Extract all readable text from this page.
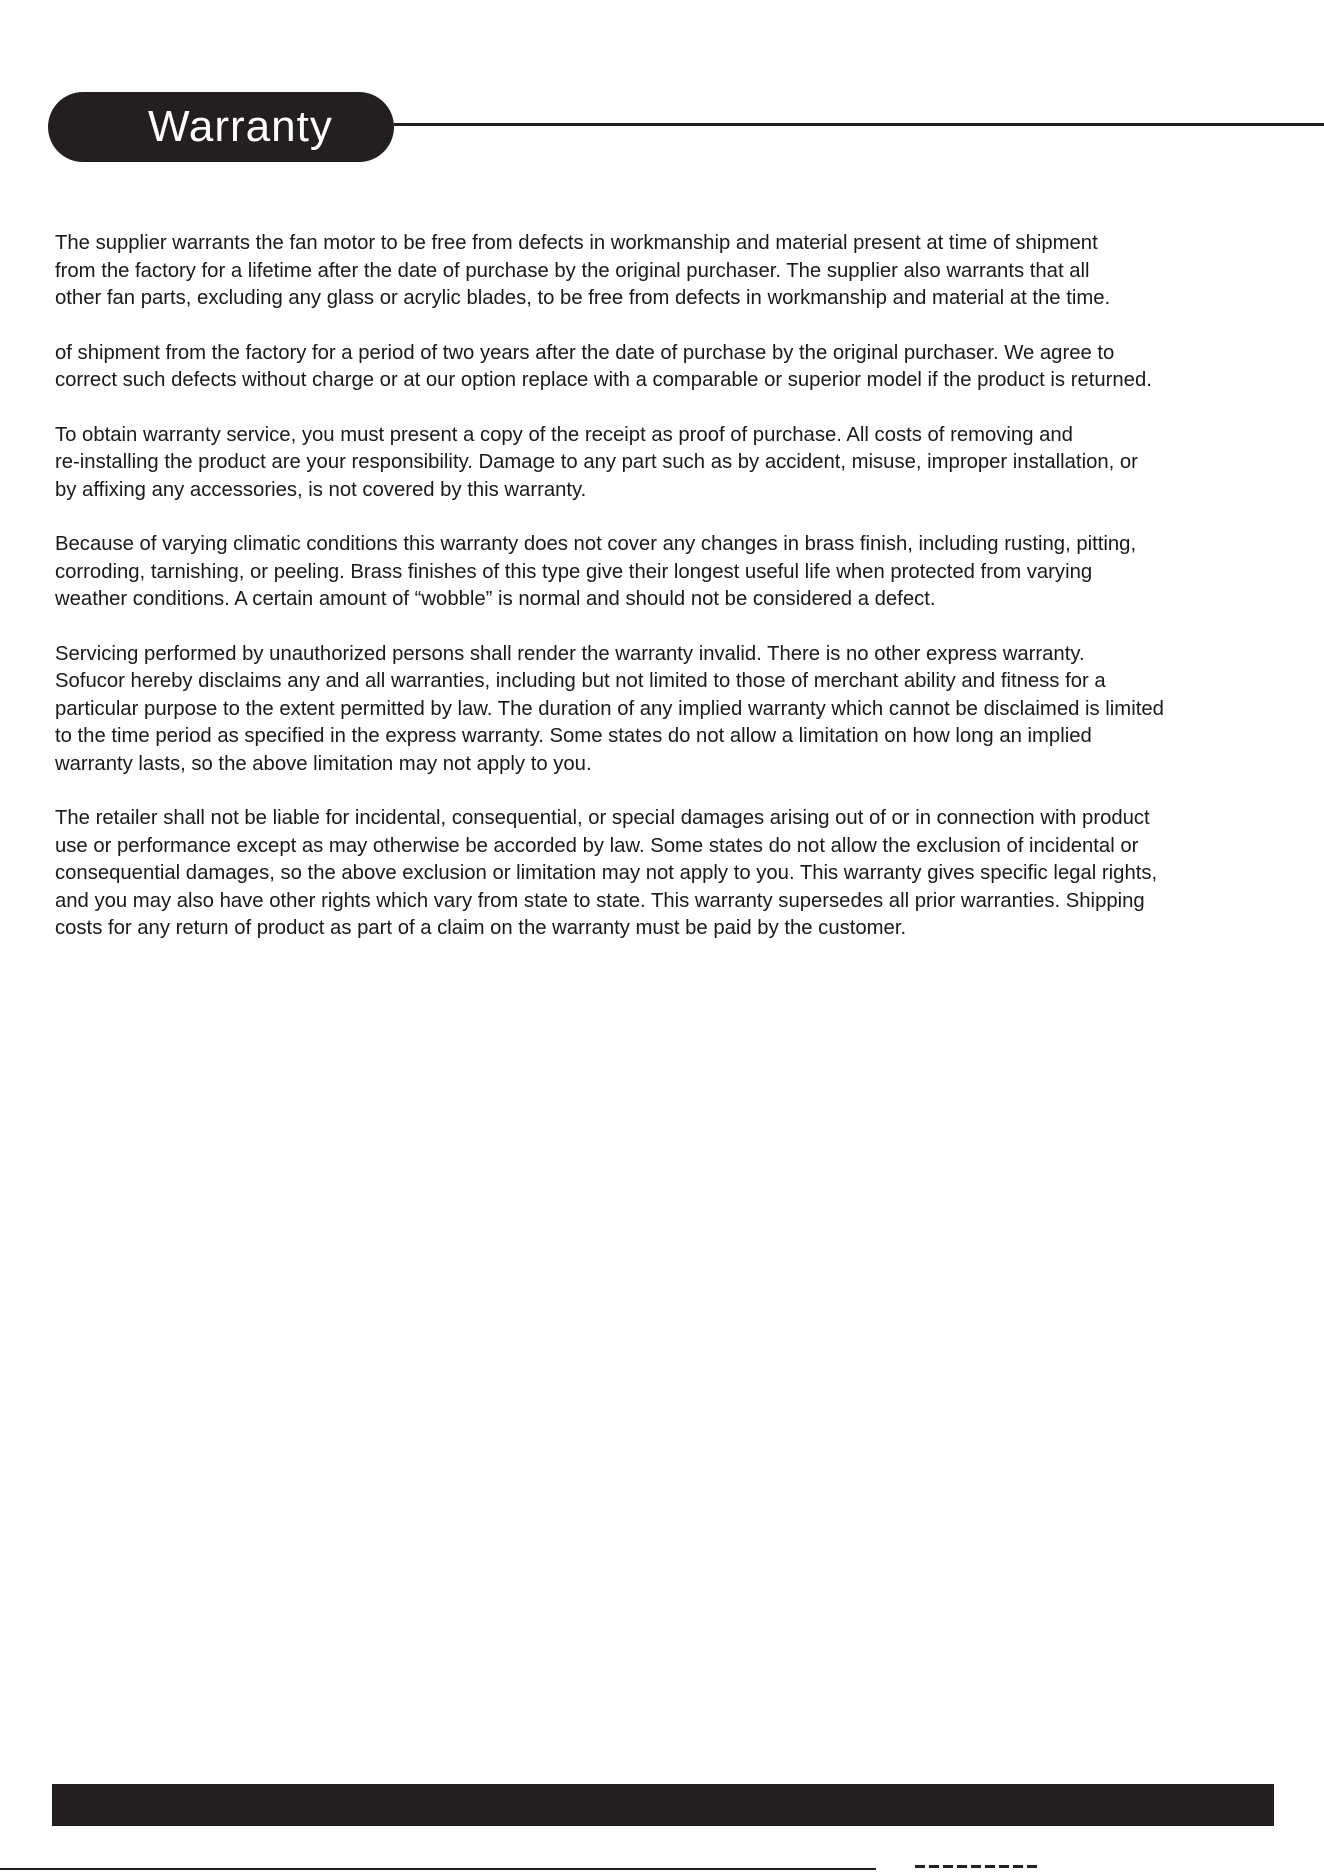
Warranty

The supplier warrants the fan motor to be free from defects in workmanship and material present at time of shipment
from the factory for a lifetime after the date of purchase by the original purchaser. The supplier also warrants that all
other fan parts, excluding any glass or acrylic blades, to be free from defects in workmanship and material at the time.

of shipment from the factory for a period of two years after the date of purchase by the original purchaser. We agree to
correct such defects without charge or at our option replace with a comparable or superior model if the product is returned.

To obtain warranty service, you must present a copy of the receipt as proof of purchase. All costs of removing and
re-installing the product are your responsibility. Damage to any part such as by accident, misuse, improper installation, or
by affixing any accessories, is not covered by this warranty.

Because of varying climatic conditions this warranty does not cover any changes in brass finish, including rusting, pitting,
corroding, tarnishing, or peeling. Brass finishes of this type give their longest useful life when protected from varying
weather conditions. A certain amount of “wobble” is normal and should not be considered a defect.

Servicing performed by unauthorized persons shall render the warranty invalid. There is no other express warranty.
Sofucor hereby disclaims any and all warranties, including but not limited to those of merchant ability and fitness for a
particular purpose to the extent permitted by law. The duration of any implied warranty which cannot be disclaimed is limited
to the time period as specified in the express warranty. Some states do not allow a limitation on how long an implied
warranty lasts, so the above limitation may not apply to you.

The retailer shall not be liable for incidental, consequential, or special damages arising out of or in connection with product
use or performance except as may otherwise be accorded by law. Some states do not allow the exclusion of incidental or
consequential damages, so the above exclusion or limitation may not apply to you. This warranty gives specific legal rights,
and you may also have other rights which vary from state to state. This warranty supersedes all prior warranties. Shipping
costs for any return of product as part of a claim on the warranty must be paid by the customer.
